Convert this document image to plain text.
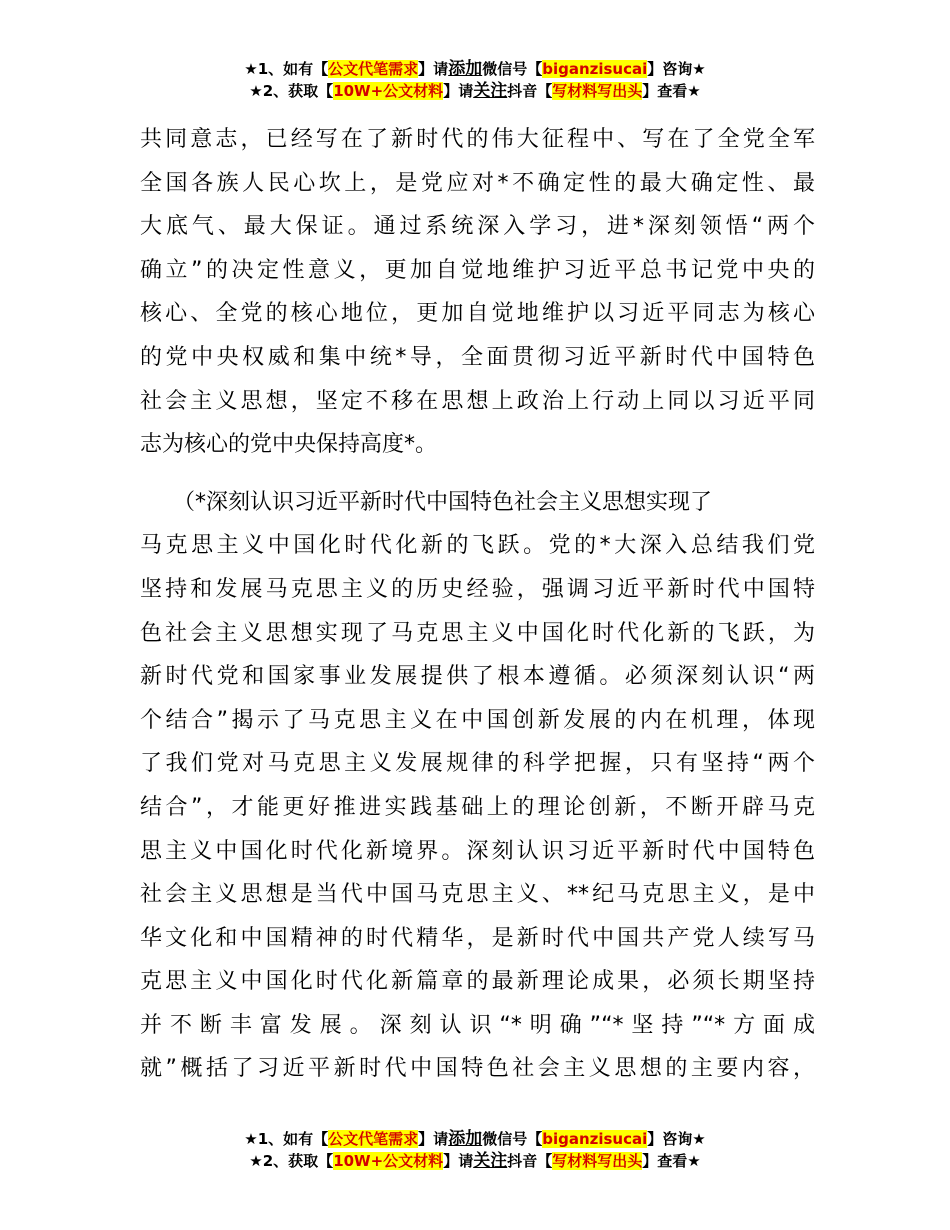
★1、如有【公文代笔需求】请添加微信号【biganzisucai】咨询★
★2、获取【10W+公文材料】请关注抖音【写材料写出头】查看★
共同意志，已经写在了新时代的伟大征程中、写在了全党全军
全国各族人民心坎上，是党应对*不确定性的最大确定性、最
大底气、最大保证。通过系统深入学习，进*深刻领悟“两个
确立”的决定性意义，更加自觉地维护习近平总书记党中央的
核心、全党的核心地位，更加自觉地维护以习近平同志为核心
的党中央权威和集中统*导，全面贯彻习近平新时代中国特色
社会主义思想，坚定不移在思想上政治上行动上同以习近平同
志为核心的党中央保持高度*。
　　（*深刻认识习近平新时代中国特色社会主义思想实现了
马克思主义中国化时代化新的飞跃。党的*大深入总结我们党
坚持和发展马克思主义的历史经验，强调习近平新时代中国特
色社会主义思想实现了马克思主义中国化时代化新的飞跃，为
新时代党和国家事业发展提供了根本遵循。必须深刻认识“两
个结合”揭示了马克思主义在中国创新发展的内在机理，体现
了我们党对马克思主义发展规律的科学把握，只有坚持“两个
结合”，才能更好推进实践基础上的理论创新，不断开辟马克
思主义中国化时代化新境界。深刻认识习近平新时代中国特色
社会主义思想是当代中国马克思主义、**纪马克思主义，是中
华文化和中国精神的时代精华，是新时代中国共产党人续写马
克思主义中国化时代化新篇章的最新理论成果，必须长期坚持
并不断丰富发展。深刻认识“*明确”“*坚持”“*方面成
就”概括了习近平新时代中国特色社会主义思想的主要内容，
★1、如有【公文代笔需求】请添加微信号【biganzisucai】咨询★
★2、获取【10W+公文材料】请关注抖音【写材料写出头】查看★
